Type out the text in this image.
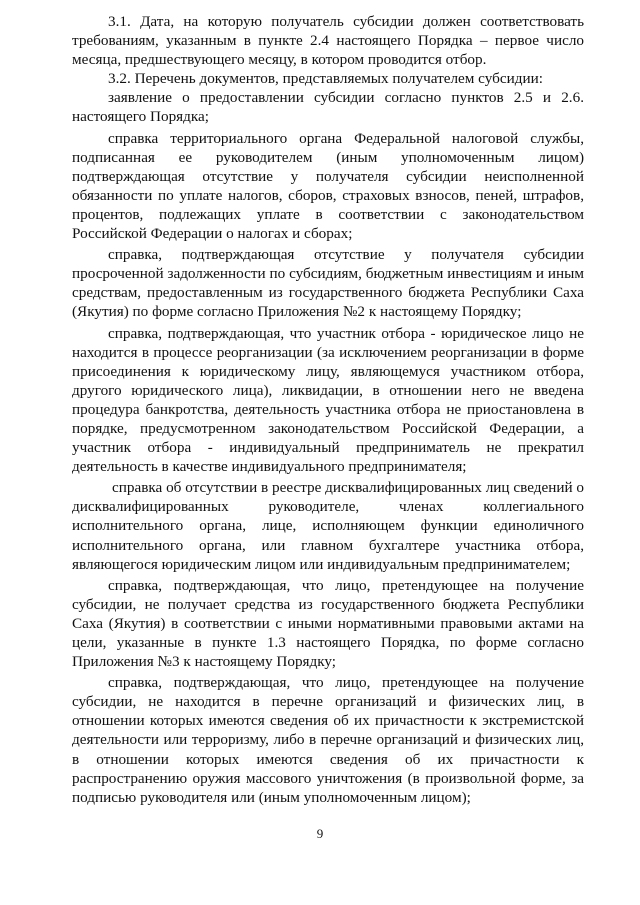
3.1. Дата, на которую получатель субсидии должен соответствовать требованиям, указанным в пункте 2.4 настоящего Порядка – первое число месяца, предшествующего месяцу, в котором проводится отбор.

3.2. Перечень документов, представляемых получателем субсидии:

заявление о предоставлении субсидии согласно пунктов 2.5 и 2.6. настоящего Порядка;

справка территориального органа Федеральной налоговой службы, подписанная ее руководителем (иным уполномоченным лицом) подтверждающая отсутствие у получателя субсидии неисполненной обязанности по уплате налогов, сборов, страховых взносов, пеней, штрафов, процентов, подлежащих уплате в соответствии с законодательством Российской Федерации о налогах и сборах;

справка, подтверждающая отсутствие у получателя субсидии просроченной задолженности по субсидиям, бюджетным инвестициям и иным средствам, предоставленным из государственного бюджета Республики Саха (Якутия) по форме согласно Приложения №2 к настоящему Порядку;

справка, подтверждающая, что участник отбора - юридическое лицо не находится в процессе реорганизации (за исключением реорганизации в форме присоединения к юридическому лицу, являющемуся участником отбора, другого юридического лица), ликвидации, в отношении него не введена процедура банкротства, деятельность участника отбора не приостановлена в порядке, предусмотренном законодательством Российской Федерации, а участник отбора - индивидуальный предприниматель не прекратил деятельность в качестве индивидуального предпринимателя;

справка об отсутствии в реестре дисквалифицированных лиц сведений о дисквалифицированных руководителе, членах коллегиального исполнительного органа, лице, исполняющем функции единоличного исполнительного органа, или главном бухгалтере участника отбора, являющегося юридическим лицом или индивидуальным предпринимателем;

справка, подтверждающая, что лицо, претендующее на получение субсидии, не получает средства из государственного бюджета Республики Саха (Якутия) в соответствии с иными нормативными правовыми актами на цели, указанные в пункте 1.3 настоящего Порядка, по форме согласно Приложения №3 к настоящему Порядку;

справка, подтверждающая, что лицо, претендующее на получение субсидии, не находится в перечне организаций и физических лиц, в отношении которых имеются сведения об их причастности к экстремистской деятельности или терроризму, либо в перечне организаций и физических лиц, в отношении которых имеются сведения об их причастности к распространению оружия массового уничтожения (в произвольной форме, за подписью руководителя или (иным уполномоченным лицом);

9
